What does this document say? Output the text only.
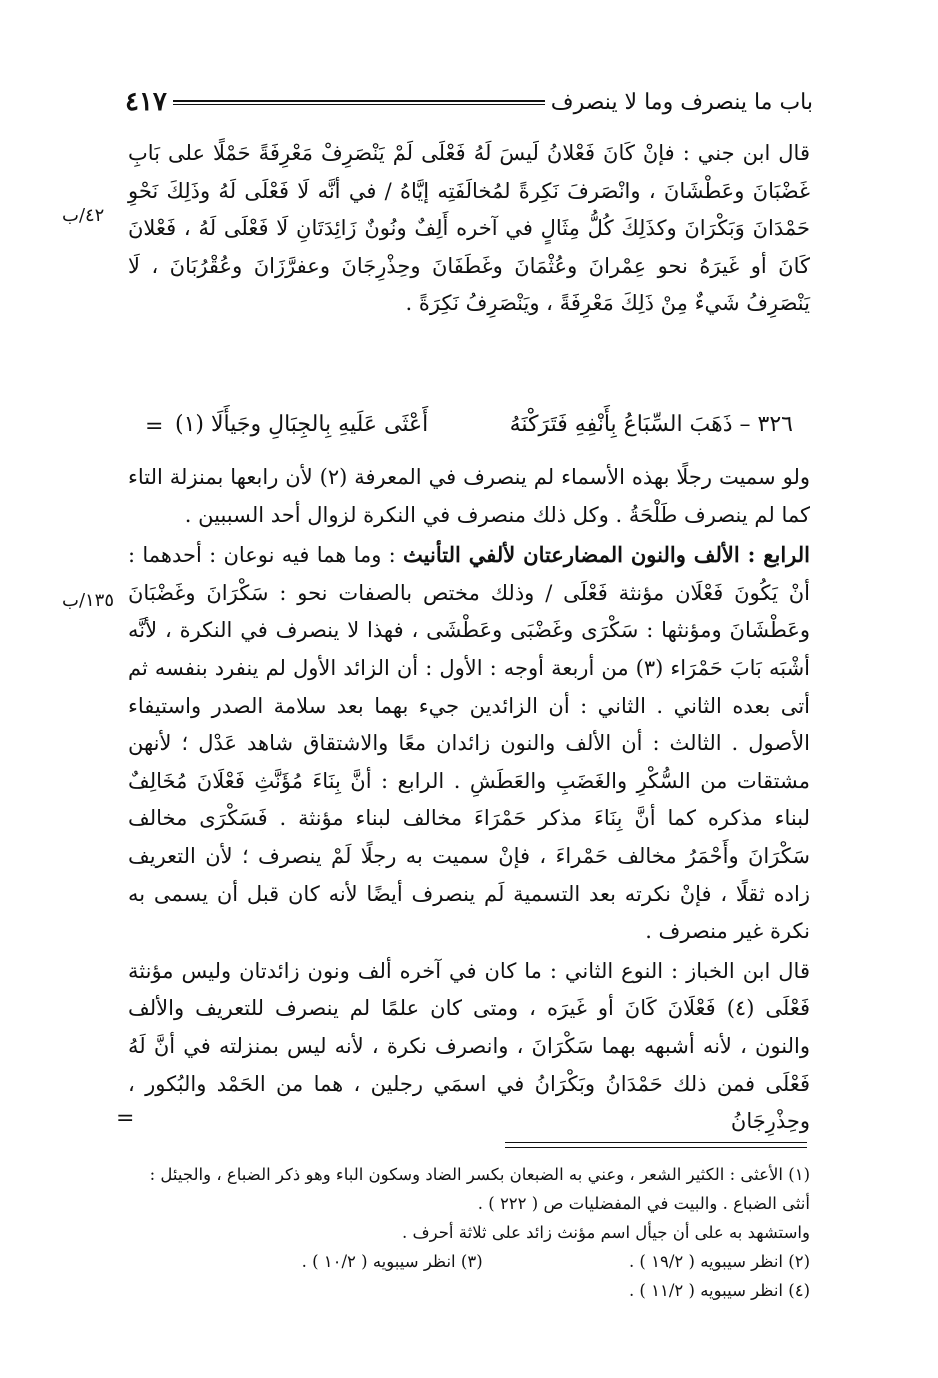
باب ما ينصرف وما لا ينصرف
٤١٧
٤٢/ب
١٣٥/ب

قال ابن جني : فإنْ كَانَ فَعْلانُ لَيسَ لَهُ فَعْلَى لَمْ يَنْصَرِفْ مَعْرِفَةً حَمْلًا على بَابِ غَضْبَانَ وعَطْشَانَ ، وانْصَرفَ نَكِرةً لمُخالَفَتِه إيَّاهُ / في أنَّه لَا فَعْلَى لَهُ وذَلِكَ نَحْوِ حَمْدَانَ وَبَكْرَانَ وكذَلِكَ كُلُّ مِثَالٍ في آخره أَلِفٌ ونُونٌ زَائِدَتَانِ لَا فَعْلَى لَهُ ، فَعْلانَ كَانَ أو غَيرَهُ نحو عِمْرانَ وعُثْمَانَ وغَطَفَانَ وحِذْرِجَانَ وعفرَّزَانَ وعُقْرُبَانَ ، لَا يَنْصَرِفُ شَيءٌ مِنْ ذَلِكَ مَعْرِفَةً ، ويَنْصَرِفُ نَكِرَةً .

ولو سميت رجلًا بهذه الأسماء لم ينصرف في المعرفة (٢) لأن رابعها بمنزلة التاء كما لم ينصرف طَلْحَةُ . وكل ذلك منصرف في النكرة لزوال أحد السببين .

الرابع : الألف والنون المضارعتان لألفي التأنيث : وما هما فيه نوعان : أحدهما : أنْ يَكُونَ فَعْلَان مؤنثة فَعْلَى / وذلك مختص بالصفات نحو : سَكْرَانَ وغَضْبَانَ وعَطْشَانَ ومؤنثها : سَكْرَى وغَضْبَى وعَطْشَى ، فهذا لا ينصرف في النكرة ، لأنَّه أشْبَه بَابَ حَمْرَاء (٣) من أربعة أوجه : الأول : أن الزائد الأول لم ينفرد بنفسه ثم أتى بعده الثاني . الثاني : أن الزائدين جيء بهما بعد سلامة الصدر واستيفاء الأصول . الثالث : أن الألف والنون زائدان معًا والاشتقاق شاهد عَدْل ؛ لأنهن مشتقات من السُّكْرِ والغَضَبِ والعَطَشِ . الرابع : أنَّ بِنَاءَ مُؤَنَّثِ فَعْلَانَ مُخَالِفٌ لبناء مذكره كما أنَّ بِنَاءَ مذكر حَمْرَاءَ مخالف لبناء مؤنثة . فَسَكْرَى مخالف سَكْرَانَ وأَحْمَرُ مخالف حَمْراءَ ، فإنْ سميت به رجلًا لَمْ ينصرف ؛ لأن التعريف زاده ثقلًا ، فإنْ نكرته بعد التسمية لَم ينصرف أيضًا لأنه كان قبل أن يسمى به نكرة غير منصرف .

قال ابن الخباز : النوع الثاني : ما كان في آخره ألف ونون زائدتان وليس مؤنثة فَعْلَى (٤) فَعْلَانَ كَانَ أو غَيرَه ، ومتى كان علمًا لم ينصرف للتعريف والألف والنون ، لأنه أشبهه بهما سَكْرَانَ ، وانصرف نكرة ، لأنه ليس بمنزلته في أنَّ لَهُ فَعْلَى فمن ذلك حَمْدَانُ وبَكْرَانُ في اسمَي رجلين ، هما من الحَمْد والبُكور ، وحِذْرِجَانُ

٣٢٦ – ذَهَبَ السِّبَاعُ بِأَنْفِهِ فَتَرَكْنَهُ
أَعْثَى عَلَيهِ بِالجِبَالِ وجَيأَلَا (١)
=
=
(١) الأعثى : الكثير الشعر ، وعني به الضبعان بكسر الضاد وسكون الباء وهو ذكر الضباع ، والجيئل : أنثى الضباع . والبيت في المفضليات ص ( ٢٢٢ ) .
واستشهد به على أن جيأل اسم مؤنث زائد على ثلاثة أحرف .
(٢) انظر سيبويه ( ١٩/٢ ) .
(٣) انظر سيبويه ( ١٠/٢ ) .
(٤) انظر سيبويه ( ١١/٢ ) .
